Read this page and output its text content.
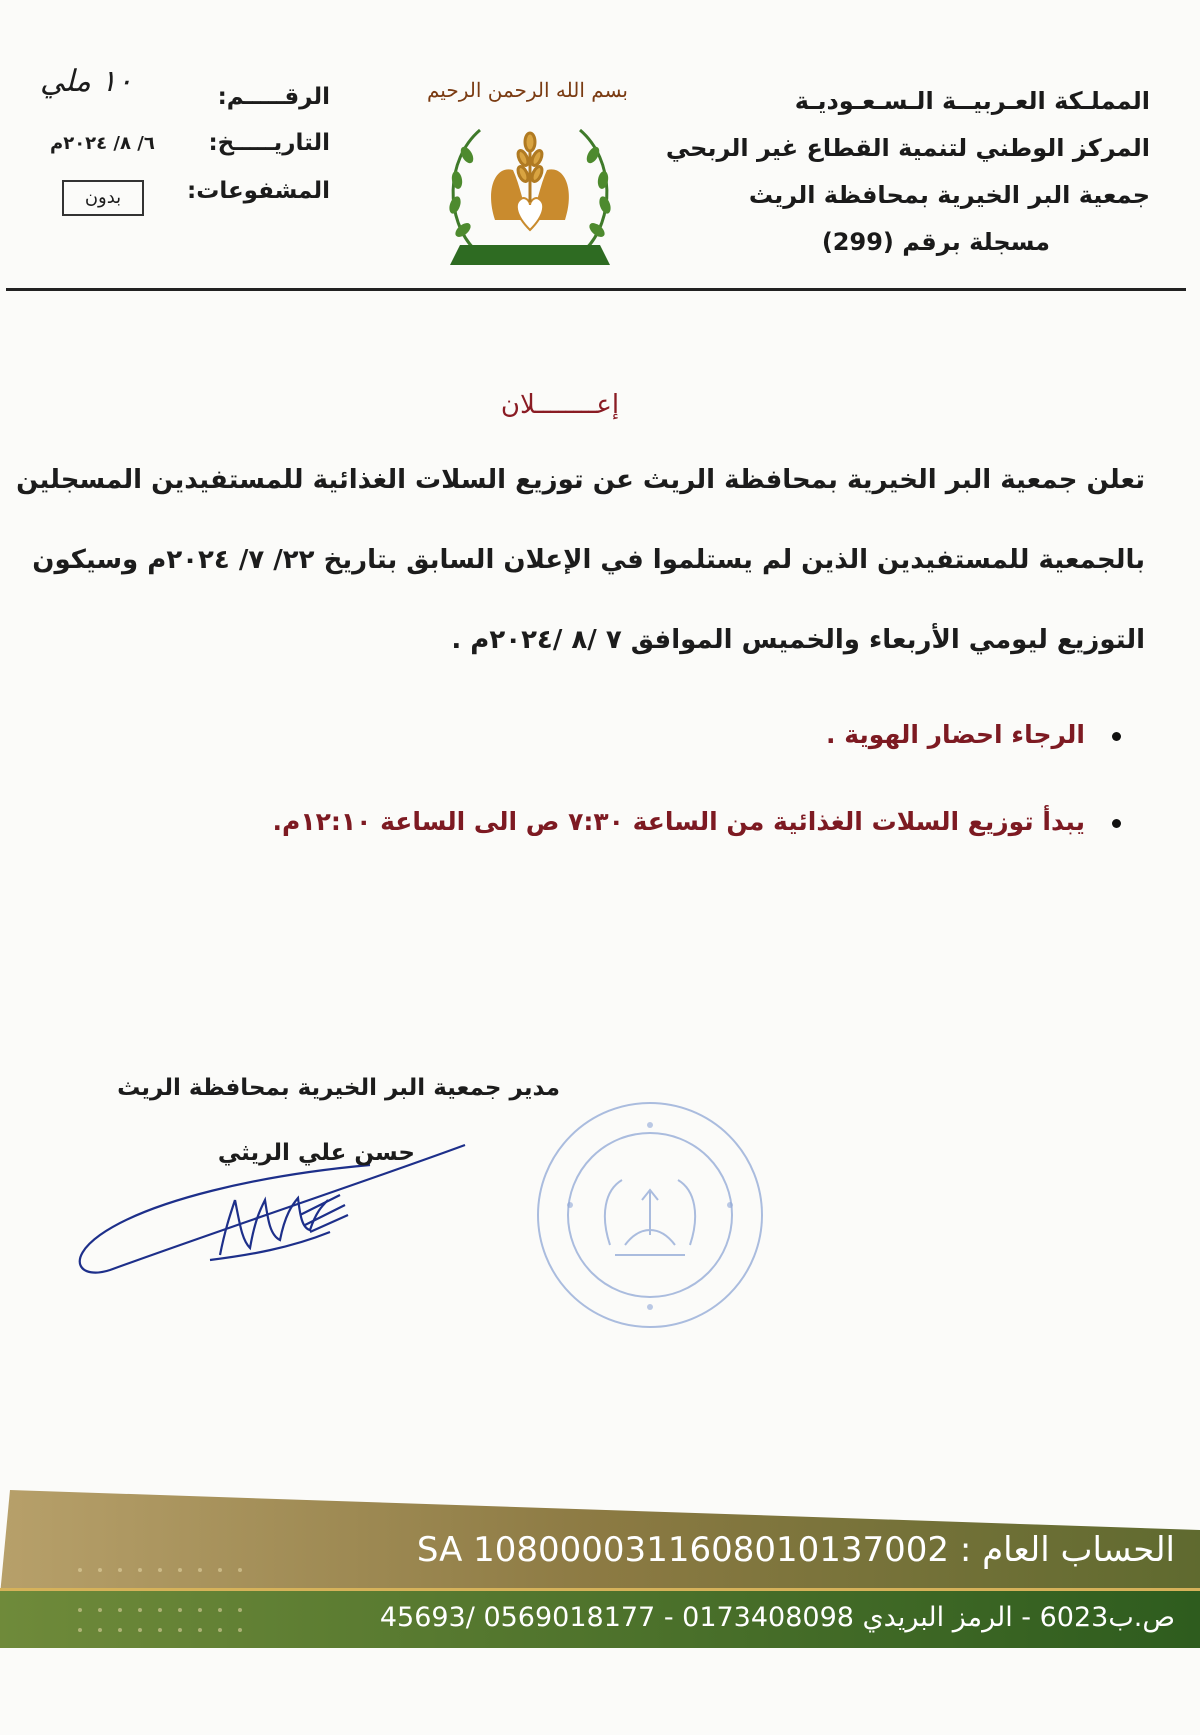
المملـكة العـربيــة الـسـعـوديـة
المركز الوطني لتنمية القطاع غير الربحي
جمعية البر الخيرية بمحافظة الريث
مسجلة برقم (299)
بسم الله الرحمن الرحيم
الرقـــــم:
١٠ ملي
التاريـــــخ:
٦/ ٨/ ٢٠٢٤م
المشفوعات:
بدون
إعــــــــلان
تعلن جمعية البر الخيرية بمحافظة الريث عن توزيع السلات الغذائية للمستفيدين المسجلين
بالجمعية للمستفيدين الذين لم يستلموا في الإعلان السابق بتاريخ ٢٢/ ٧/ ٢٠٢٤م وسيكون
التوزيع ليومي الأربعاء والخميس الموافق ٧ /٨ /٢٠٢٤م .
الرجاء احضار الهوية .
يبدأ توزيع السلات الغذائية من الساعة ٧:٣٠ ص الى الساعة ١٢:١٠م.
مدير جمعية البر الخيرية بمحافظة الريث
حسن علي الريثي
الحساب العام : SA 1080000311608010137002
ص.ب6023 - الرمز البريدي 45693/ 0569018177 - 0173408098
